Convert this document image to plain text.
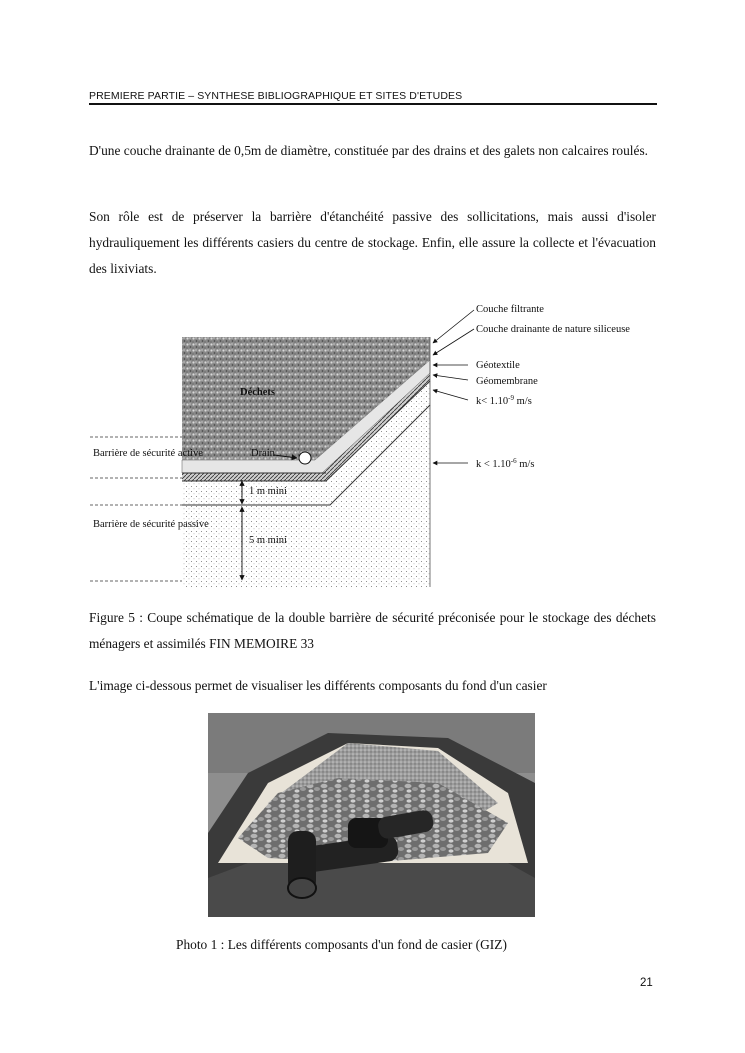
PREMIERE PARTIE – SYNTHESE BIBLIOGRAPHIQUE ET SITES D'ETUDES
D'une couche drainante de 0,5m de diamètre, constituée par des drains et des galets non calcaires roulés.
Son rôle est de préserver la barrière d'étanchéité passive des sollicitations, mais aussi d'isoler hydrauliquement les différents casiers du centre de stockage. Enfin, elle assure la collecte et l'évacuation des lixiviats.
Déchets
Drain
Barrière de sécurité active
Barrière de sécurité passive
1 m mini
5 m mini
Couche filtrante
Couche drainante de nature siliceuse
Géotextile
Géomembrane
$k< 1.10^{-9}$ m/s
$k < 1.10^{-6}$ m/s
Figure 5 : Coupe schématique de la double barrière de sécurité préconisée pour le stockage des déchets ménagers et assimilés FIN MEMOIRE 33
L'image ci-dessous permet de visualiser les différents composants du fond d'un casier
Photo 1 : Les différents composants d'un fond de casier (GIZ)
21
